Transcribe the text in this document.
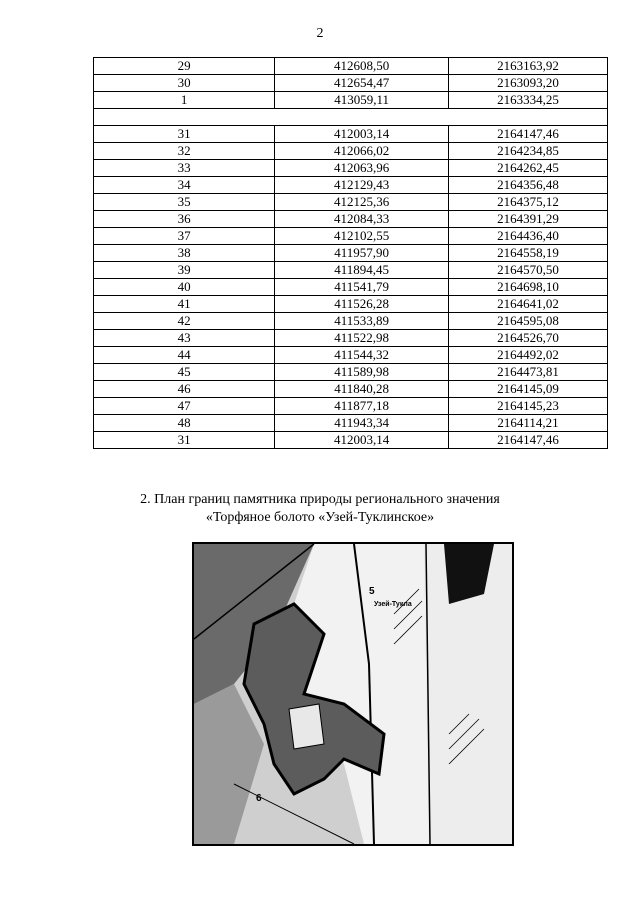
2
29	412608,50	2163163,92
30	412654,47	2163093,20
1	413059,11	2163334,25

31	412003,14	2164147,46
32	412066,02	2164234,85
33	412063,96	2164262,45
34	412129,43	2164356,48
35	412125,36	2164375,12
36	412084,33	2164391,29
37	412102,55	2164436,40
38	411957,90	2164558,19
39	411894,45	2164570,50
40	411541,79	2164698,10
41	411526,28	2164641,02
42	411533,89	2164595,08
43	411522,98	2164526,70
44	411544,32	2164492,02
45	411589,98	2164473,81
46	411840,28	2164145,09
47	411877,18	2164145,23
48	411943,34	2164114,21
31	412003,14	2164147,46
2. План границ памятника природы регионального значения
«Торфяное болото «Узей-Туклинское»
Узей-Тукла
5
6
